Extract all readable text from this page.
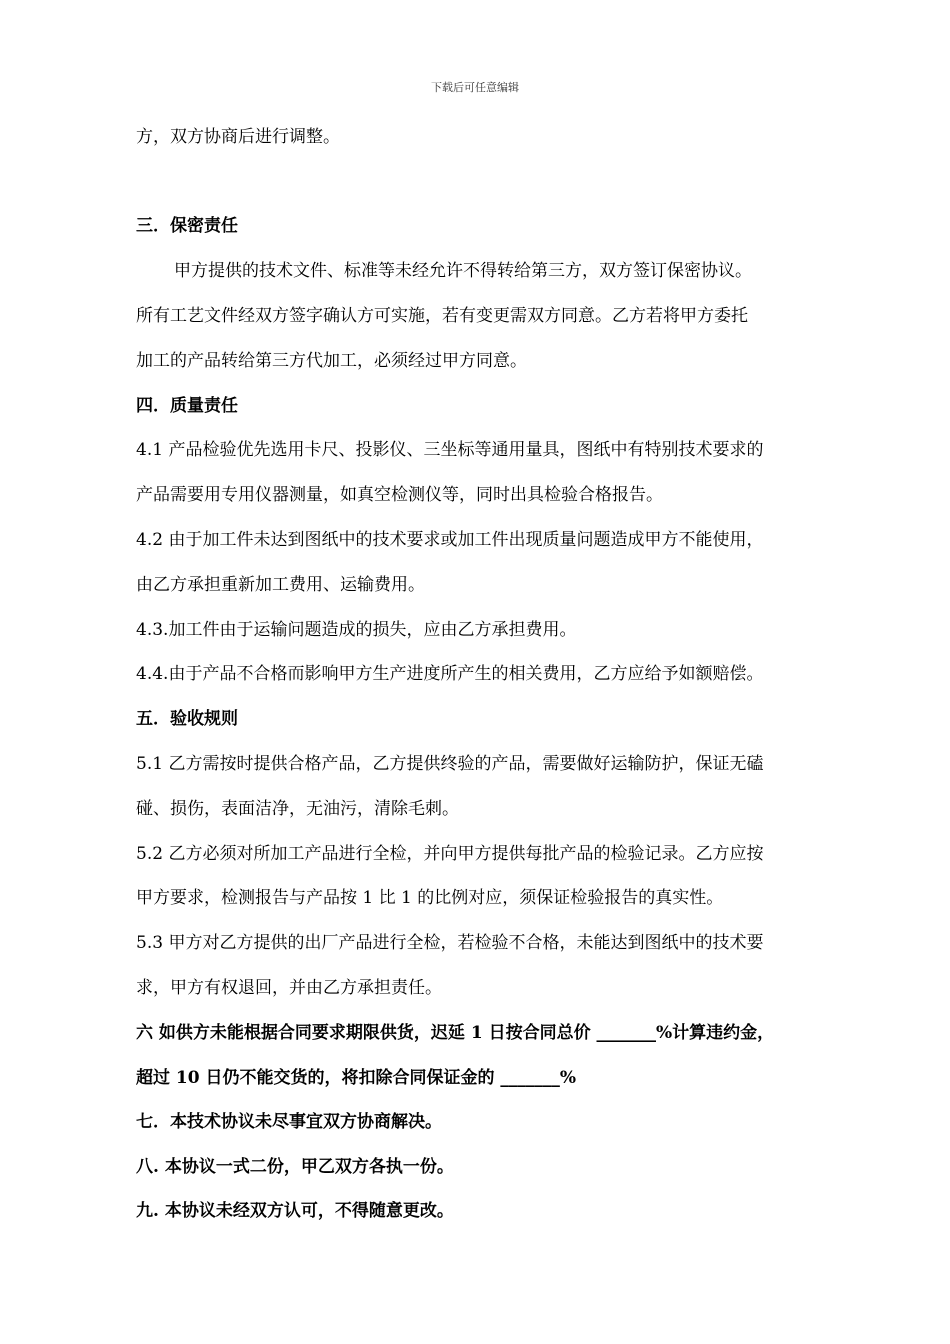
下载后可任意编辑
方，双方协商后进行调整。
三．保密责任
甲方提供的技术文件、标准等未经允许不得转给第三方，双方签订保密协议。
所有工艺文件经双方签字确认方可实施，若有变更需双方同意。乙方若将甲方委托
加工的产品转给第三方代加工，必须经过甲方同意。
四．质量责任
4.1 产品检验优先选用卡尺、投影仪、三坐标等通用量具，图纸中有特别技术要求的
产品需要用专用仪器测量，如真空检测仪等，同时出具检验合格报告。
4.2 由于加工件未达到图纸中的技术要求或加工件出现质量问题造成甲方不能使用，
由乙方承担重新加工费用、运输费用。
4.3.加工件由于运输问题造成的损失，应由乙方承担费用。
4.4.由于产品不合格而影响甲方生产进度所产生的相关费用，乙方应给予如额赔偿。
五．验收规则
5.1 乙方需按时提供合格产品，乙方提供终验的产品，需要做好运输防护，保证无磕
碰、损伤，表面洁净，无油污，清除毛刺。
5.2 乙方必须对所加工产品进行全检，并向甲方提供每批产品的检验记录。乙方应按
甲方要求，检测报告与产品按 1 比 1 的比例对应，须保证检验报告的真实性。
5.3 甲方对乙方提供的出厂产品进行全检，若检验不合格，未能达到图纸中的技术要
求，甲方有权退回，并由乙方承担责任。
六 如供方未能根据合同要求期限供货，迟延 1 日按合同总价 _______%计算违约金，
超过 10 日仍不能交货的，将扣除合同保证金的 _______%
七．本技术协议未尽事宜双方协商解决。
八. 本协议一式二份，甲乙双方各执一份。
九. 本协议未经双方认可，不得随意更改。
